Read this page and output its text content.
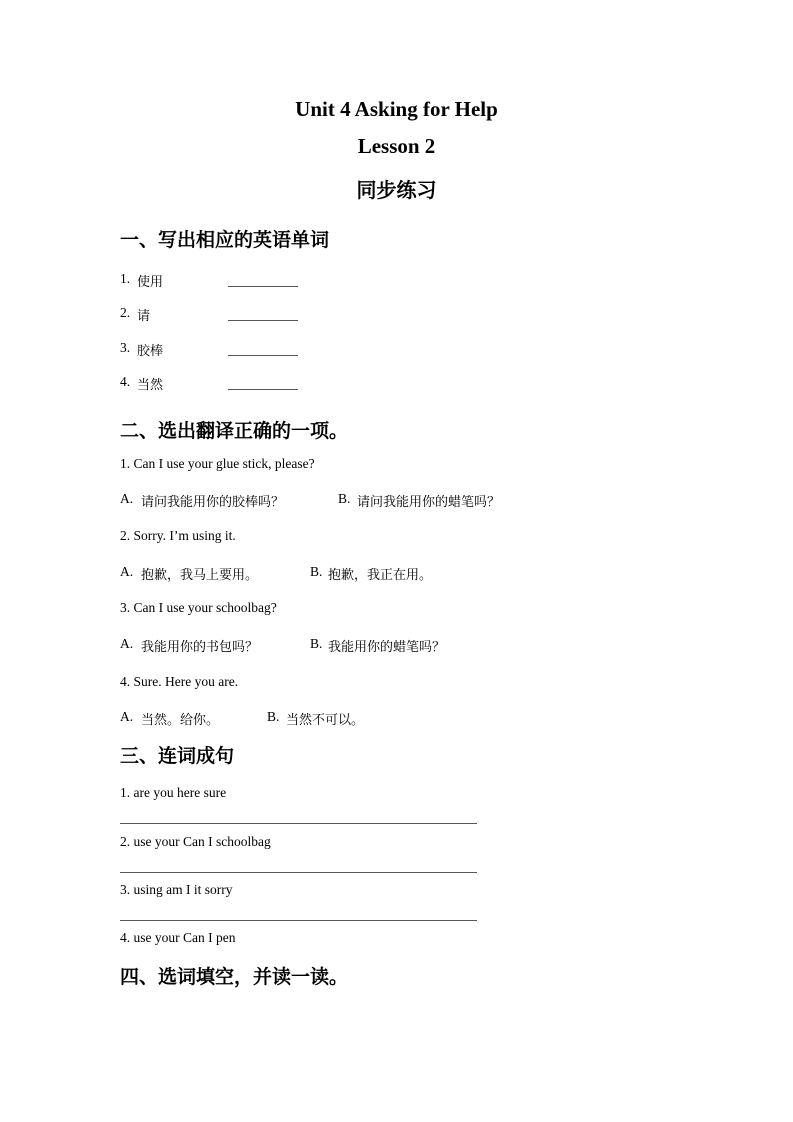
Unit 4 Asking for Help
Lesson 2
同步练习
一、写出相应的英语单词
1. 使用
2. 请
3. 胶棒
4. 当然
二、选出翻译正确的一项。
1. Can I use your glue stick, please?
A. 请问我能用你的胶棒吗？	B. 请问我能用你的蜡笔吗？
2. Sorry. I’m using it.
A. 抱歉，我马上要用。	B. 抱歉，我正在用。
3. Can I use your schoolbag?
A. 我能用你的书包吗？	B. 我能用你的蜡笔吗？
4. Sure. Here you are.
A. 当然。给你。	B. 当然不可以。
三、连词成句
1. are you here sure
2. use your Can I schoolbag
3. using am I it sorry
4. use your Can I pen
四、选词填空，并读一读。
